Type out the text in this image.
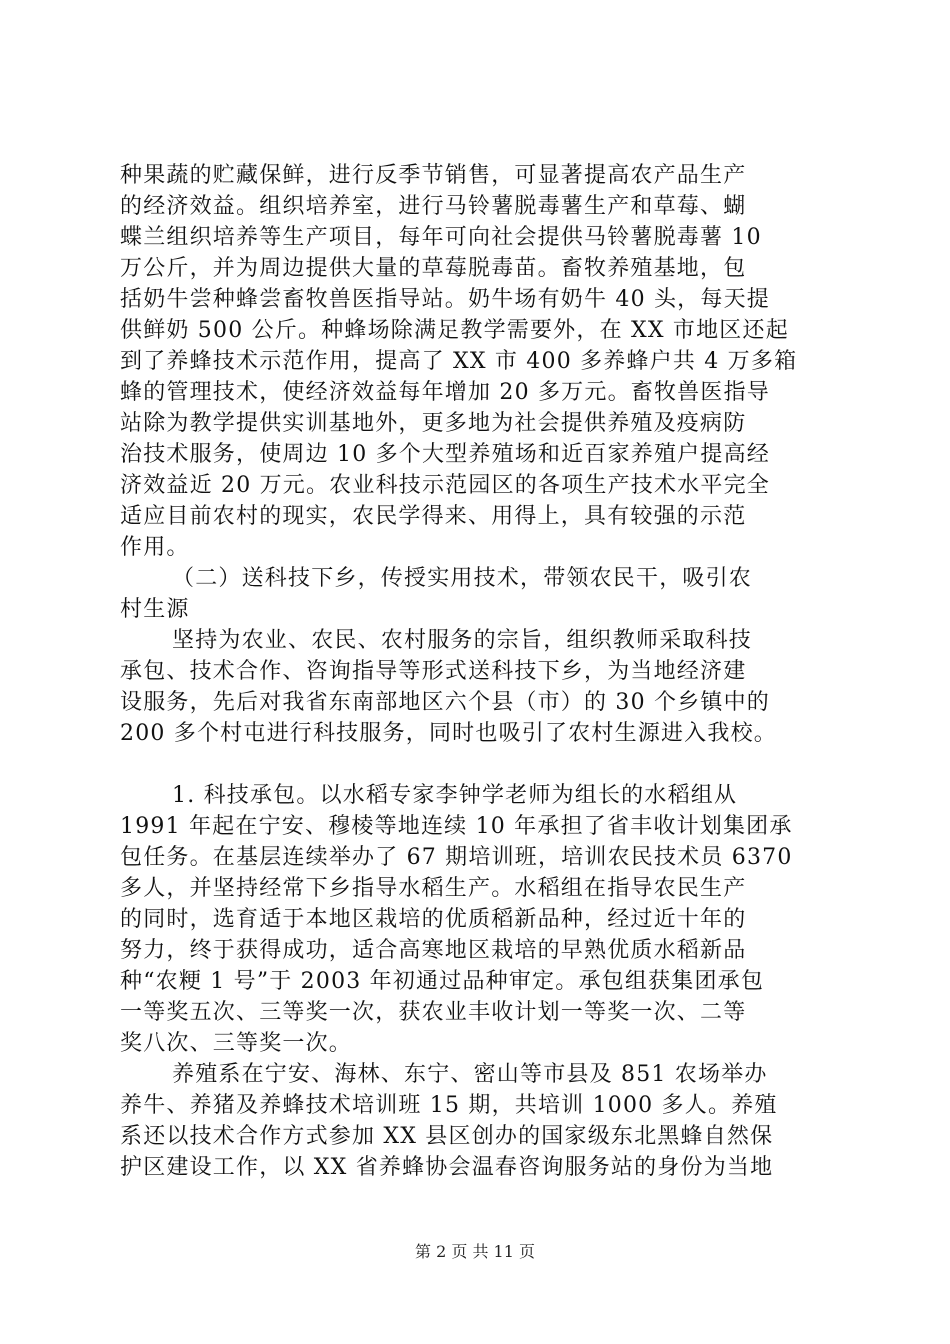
种果蔬的贮藏保鲜，进行反季节销售，可显著提高农产品生产
的经济效益。组织培养室，进行马铃薯脱毒薯生产和草莓、蝴
蝶兰组织培养等生产项目，每年可向社会提供马铃薯脱毒薯 10
万公斤，并为周边提供大量的草莓脱毒苗。畜牧养殖基地，包
括奶牛尝种蜂尝畜牧兽医指导站。奶牛场有奶牛 40 头，每天提
供鲜奶 500 公斤。种蜂场除满足教学需要外，在 XX 市地区还起
到了养蜂技术示范作用，提高了 XX 市 400 多养蜂户共 4 万多箱
蜂的管理技术，使经济效益每年增加 20 多万元。畜牧兽医指导
站除为教学提供实训基地外，更多地为社会提供养殖及疫病防
治技术服务，使周边 10 多个大型养殖场和近百家养殖户提高经
济效益近 20 万元。农业科技示范园区的各项生产技术水平完全
适应目前农村的现实，农民学得来、用得上，具有较强的示范
作用。
（二）送科技下乡，传授实用技术，带领农民干，吸引农
村生源
坚持为农业、农民、农村服务的宗旨，组织教师采取科技
承包、技术合作、咨询指导等形式送科技下乡，为当地经济建
设服务，先后对我省东南部地区六个县（市）的 30 个乡镇中的
200 多个村屯进行科技服务，同时也吸引了农村生源进入我校。
1. 科技承包。以水稻专家李钟学老师为组长的水稻组从
1991 年起在宁安、穆棱等地连续 10 年承担了省丰收计划集团承
包任务。在基层连续举办了 67 期培训班，培训农民技术员 6370
多人，并坚持经常下乡指导水稻生产。水稻组在指导农民生产
的同时，选育适于本地区栽培的优质稻新品种，经过近十年的
努力，终于获得成功，适合高寒地区栽培的早熟优质水稻新品
种“农粳 1 号”于 2003 年初通过品种审定。承包组获集团承包
一等奖五次、三等奖一次，获农业丰收计划一等奖一次、二等
奖八次、三等奖一次。
养殖系在宁安、海林、东宁、密山等市县及 851 农场举办
养牛、养猪及养蜂技术培训班 15 期，共培训 1000 多人。养殖
系还以技术合作方式参加 XX 县区创办的国家级东北黑蜂自然保
护区建设工作，以 XX 省养蜂协会温春咨询服务站的身份为当地
第 2 页 共 11 页
